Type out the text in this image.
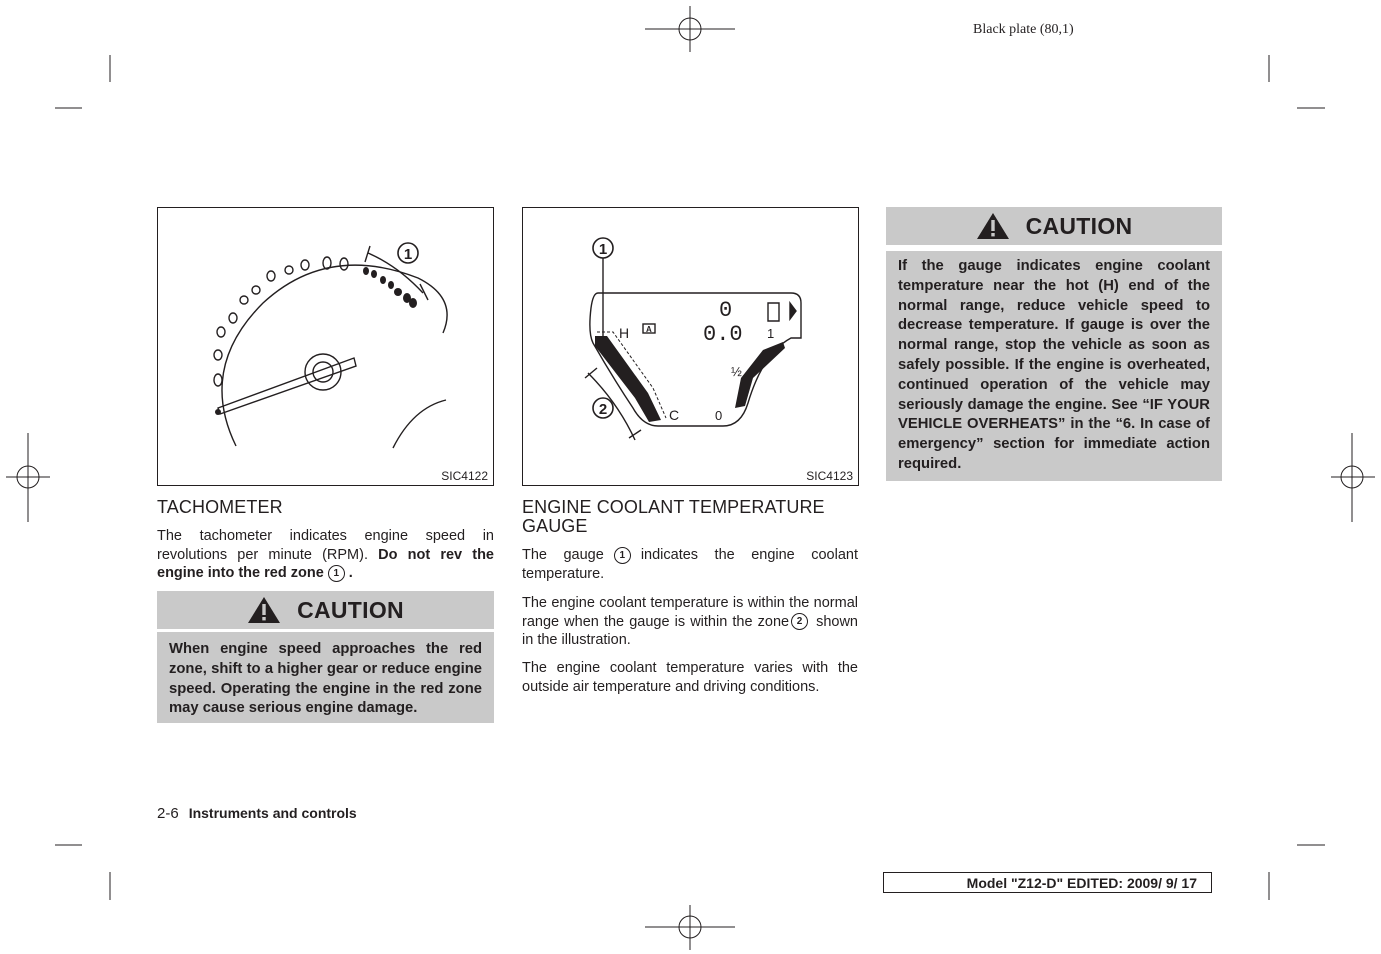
Black plate (80,1)
1
SIC4122
H
C
A	1
½
0
0
0.0
1
2
SIC4123
TACHOMETER
The tachometer indicates engine speed in revolutions per minute (RPM). Do not rev the engine into the red zone 1 .
CAUTION
When engine speed approaches the red zone, shift to a higher gear or reduce engine speed. Operating the engine in the red zone may cause serious engine damage.
ENGINE COOLANT TEMPERATURE GAUGE
The gauge 1 indicates the engine coolant temperature.
The engine coolant temperature is within the normal range when the gauge is within the zone 2 shown in the illustration.
The engine coolant temperature varies with the outside air temperature and driving conditions.
CAUTION
If the gauge indicates engine coolant temperature near the hot (H) end of the normal range, reduce vehicle speed to decrease temperature. If gauge is over the normal range, stop the vehicle as soon as safely possible. If the engine is overheated, continued operation of the vehicle may seriously damage the engine. See “IF YOUR VEHICLE OVERHEATS” in the “6. In case of emergency” section for immediate action required.
2-6 Instruments and controls
Model "Z12-D" EDITED: 2009/ 9/ 17
